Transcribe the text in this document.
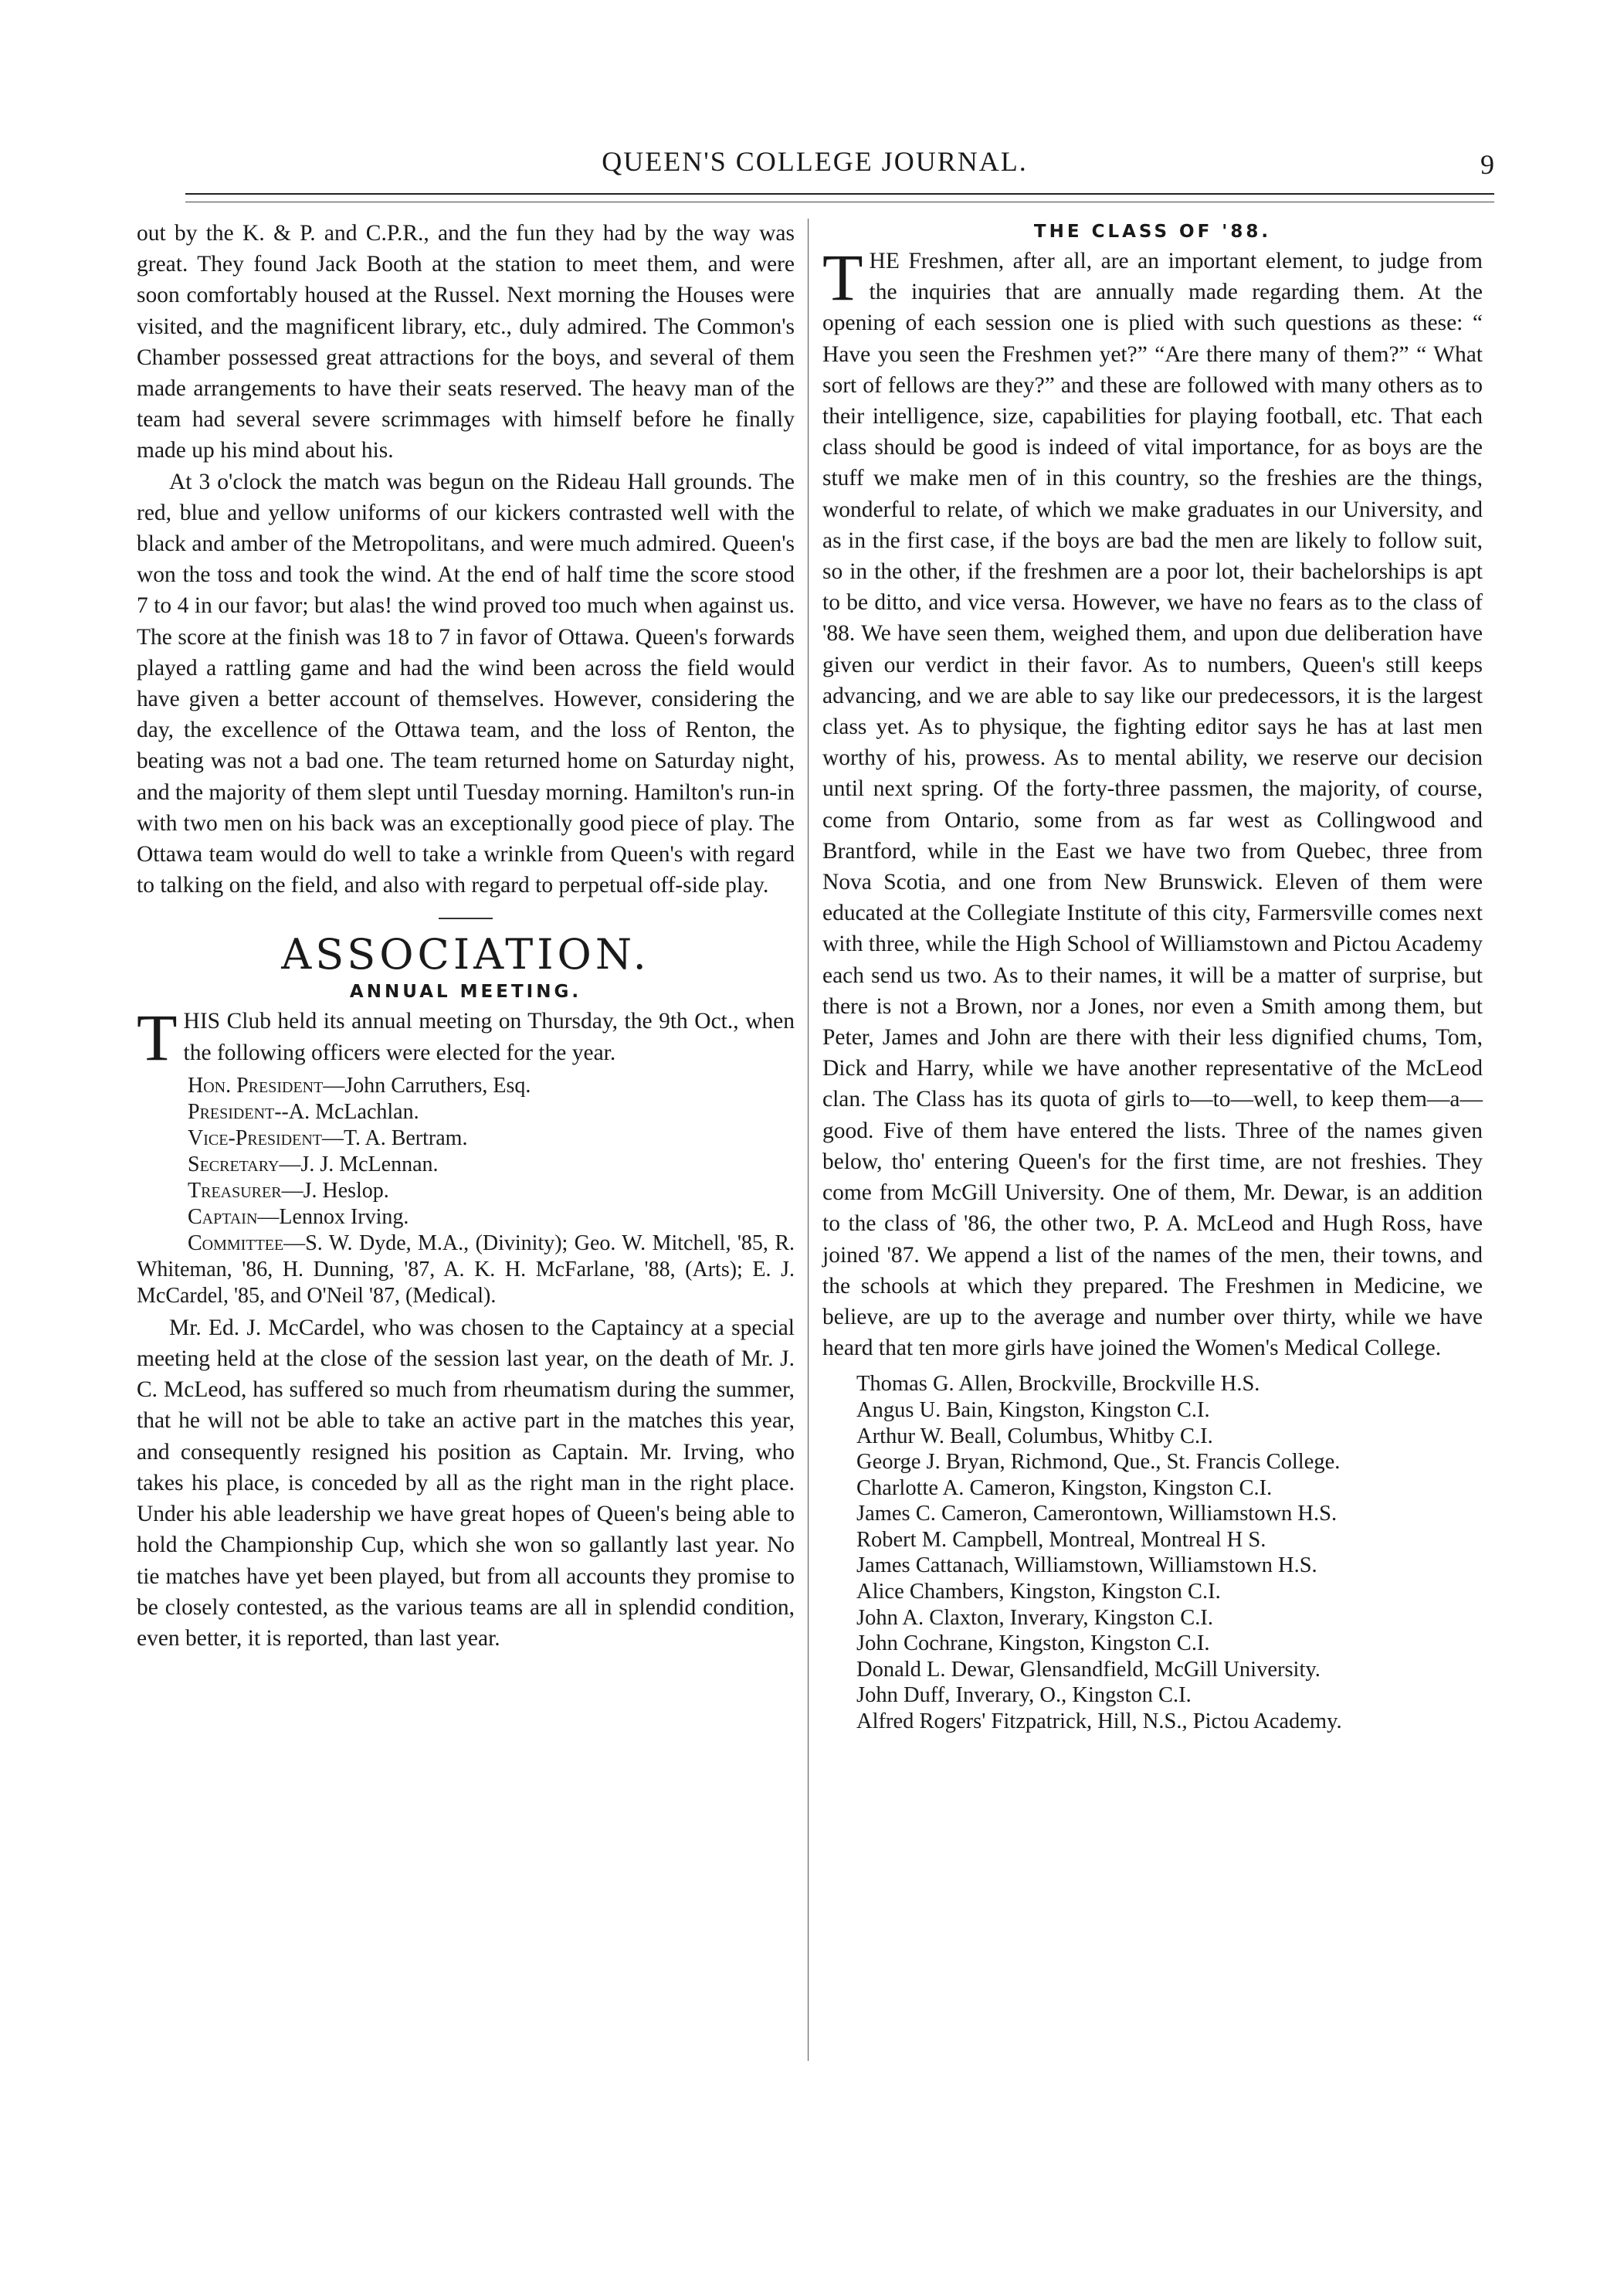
QUEEN'S COLLEGE JOURNAL.	9

out by the K. & P. and C.P.R., and the fun they had by the way was great. They found Jack Booth at the station to meet them, and were soon comfortably housed at the Russel. Next morning the Houses were visited, and the magnificent library, etc., duly admired. The Common's Chamber possessed great attractions for the boys, and several of them made arrangements to have their seats reserved. The heavy man of the team had several severe scrimmages with himself before he finally made up his mind about his.

At 3 o'clock the match was begun on the Rideau Hall grounds. The red, blue and yellow uniforms of our kickers contrasted well with the black and amber of the Metropolitans, and were much admired. Queen's won the toss and took the wind. At the end of half time the score stood 7 to 4 in our favor; but alas! the wind proved too much when against us. The score at the finish was 18 to 7 in favor of Ottawa. Queen's forwards played a rattling game and had the wind been across the field would have given a better account of themselves. However, considering the day, the excellence of the Ottawa team, and the loss of Renton, the beating was not a bad one. The team returned home on Saturday night, and the majority of them slept until Tuesday morning. Hamilton's run-in with two men on his back was an exceptionally good piece of play. The Ottawa team would do well to take a wrinkle from Queen's with regard to talking on the field, and also with regard to perpetual off-side play.

ASSOCIATION.
ANNUAL MEETING.

THIS Club held its annual meeting on Thursday, the 9th Oct., when the following officers were elected for the year.

Hon. President—John Carruthers, Esq.
President--A. McLachlan.
Vice-President—T. A. Bertram.
Secretary—J. J. McLennan.
Treasurer—J. Heslop.
Captain—Lennox Irving.
Committee—S. W. Dyde, M.A., (Divinity); Geo. W. Mitchell, '85, R. Whiteman, '86, H. Dunning, '87, A. K. H. McFarlane, '88, (Arts); E. J. McCardel, '85, and O'Neil '87, (Medical).

Mr. Ed. J. McCardel, who was chosen to the Captaincy at a special meeting held at the close of the session last year, on the death of Mr. J. C. McLeod, has suffered so much from rheumatism during the summer, that he will not be able to take an active part in the matches this year, and consequently resigned his position as Captain. Mr. Irving, who takes his place, is conceded by all as the right man in the right place. Under his able leadership we have great hopes of Queen's being able to hold the Championship Cup, which she won so gallantly last year. No tie matches have yet been played, but from all accounts they promise to be closely contested, as the various teams are all in splendid condition, even better, it is reported, than last year.

THE CLASS OF '88.

THE Freshmen, after all, are an important element, to judge from the inquiries that are annually made regarding them. At the opening of each session one is plied with such questions as these: “ Have you seen the Freshmen yet?” “Are there many of them?” “ What sort of fellows are they?” and these are followed with many others as to their intelligence, size, capabilities for playing football, etc. That each class should be good is indeed of vital importance, for as boys are the stuff we make men of in this country, so the freshies are the things, wonderful to relate, of which we make graduates in our University, and as in the first case, if the boys are bad the men are likely to follow suit, so in the other, if the freshmen are a poor lot, their bachelorships is apt to be ditto, and vice versa. However, we have no fears as to the class of '88. We have seen them, weighed them, and upon due deliberation have given our verdict in their favor. As to numbers, Queen's still keeps advancing, and we are able to say like our predecessors, it is the largest class yet. As to physique, the fighting editor says he has at last men worthy of his, prowess. As to mental ability, we reserve our decision until next spring. Of the forty-three passmen, the majority, of course, come from Ontario, some from as far west as Collingwood and Brantford, while in the East we have two from Quebec, three from Nova Scotia, and one from New Brunswick. Eleven of them were educated at the Collegiate Institute of this city, Farmersville comes next with three, while the High School of Williamstown and Pictou Academy each send us two. As to their names, it will be a matter of surprise, but there is not a Brown, nor a Jones, nor even a Smith among them, but Peter, James and John are there with their less dignified chums, Tom, Dick and Harry, while we have another representative of the McLeod clan. The Class has its quota of girls to—to—well, to keep them—a—good. Five of them have entered the lists. Three of the names given below, tho' entering Queen's for the first time, are not freshies. They come from McGill University. One of them, Mr. Dewar, is an addition to the class of '86, the other two, P. A. McLeod and Hugh Ross, have joined '87. We append a list of the names of the men, their towns, and the schools at which they prepared. The Freshmen in Medicine, we believe, are up to the average and number over thirty, while we have heard that ten more girls have joined the Women's Medical College.

Thomas G. Allen, Brockville, Brockville H.S.
Angus U. Bain, Kingston, Kingston C.I.
Arthur W. Beall, Columbus, Whitby C.I.
George J. Bryan, Richmond, Que., St. Francis College.
Charlotte A. Cameron, Kingston, Kingston C.I.
James C. Cameron, Camerontown, Williamstown H.S.
Robert M. Campbell, Montreal, Montreal H S.
James Cattanach, Williamstown, Williamstown H.S.
Alice Chambers, Kingston, Kingston C.I.
John A. Claxton, Inverary, Kingston C.I.
John Cochrane, Kingston, Kingston C.I.
Donald L. Dewar, Glensandfield, McGill University.
John Duff, Inverary, O., Kingston C.I.
Alfred Rogers' Fitzpatrick, Hill, N.S., Pictou Academy.
